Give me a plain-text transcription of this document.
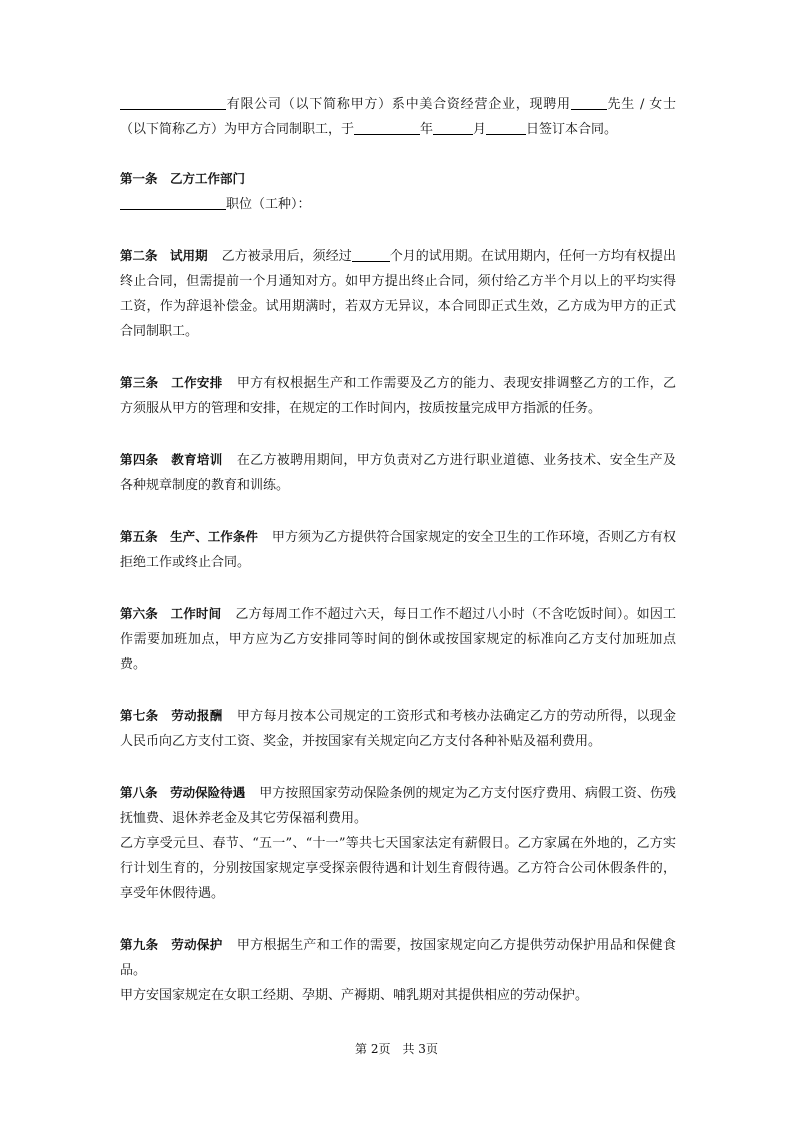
有限公司（以下简称甲方）系中美合资经营企业，现聘用	先生 / 女士（以下简称乙方）为甲方合同制职工，于	年	月	日签订本合同。

第一条　乙方工作部门

职位（工种）：

第二条　试用期 乙方被录用后，须经过	个月的试用期。在试用期内，任何一方均有权提出终止合同，但需提前一个月通知对方。如甲方提出终止合同，须付给乙方半个月以上的平均实得工资，作为辞退补偿金。试用期满时，若双方无异议，本合同即正式生效，乙方成为甲方的正式合同制职工。

第三条　工作安排 甲方有权根据生产和工作需要及乙方的能力、表现安排调整乙方的工作，乙方须服从甲方的管理和安排，在规定的工作时间内，按质按量完成甲方指派的任务。

第四条　教育培训 在乙方被聘用期间，甲方负责对乙方进行职业道德、业务技术、安全生产及各种规章制度的教育和训练。

第五条　生产、工作条件 甲方须为乙方提供符合国家规定的安全卫生的工作环境，否则乙方有权拒绝工作或终止合同。

第六条　工作时间 乙方每周工作不超过六天，每日工作不超过八小时（不含吃饭时间）。如因工作需要加班加点，甲方应为乙方安排同等时间的倒休或按国家规定的标准向乙方支付加班加点费。

第七条　劳动报酬 甲方每月按本公司规定的工资形式和考核办法确定乙方的劳动所得，以现金人民币向乙方支付工资、奖金，并按国家有关规定向乙方支付各种补贴及福利费用。

第八条　劳动保险待遇 甲方按照国家劳动保险条例的规定为乙方支付医疗费用、病假工资、伤残抚恤费、退休养老金及其它劳保福利费用。

乙方享受元旦、春节、“五一”、“十一”等共七天国家法定有薪假日。乙方家属在外地的，乙方实行计划生育的，分别按国家规定享受探亲假待遇和计划生育假待遇。乙方符合公司休假条件的，享受年休假待遇。

第九条　劳动保护 甲方根据生产和工作的需要，按国家规定向乙方提供劳动保护用品和保健食品。

甲方安国家规定在女职工经期、孕期、产褥期、哺乳期对其提供相应的劳动保护。

第 2页　共 3页
